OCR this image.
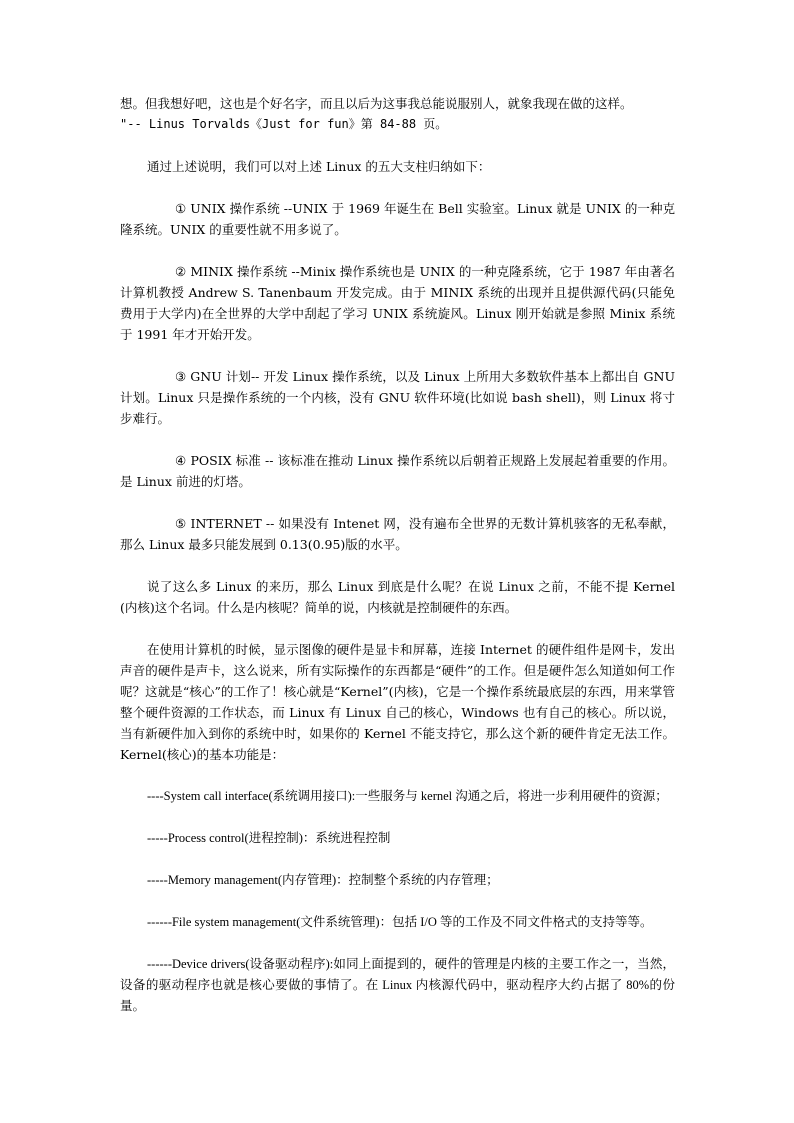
想。但我想好吧，这也是个好名字，而且以后为这事我总能说服别人，就象我现在做的这样。
"-- Linus Torvalds《Just for fun》第 84-88 页。

通过上述说明，我们可以对上述 Linux 的五大支柱归纳如下：

① UNIX 操作系统 --UNIX 于 1969 年诞生在 Bell 实验室。Linux 就是 UNIX 的一种克隆系统。UNIX 的重要性就不用多说了。

② MINIX 操作系统 --Minix 操作系统也是 UNIX 的一种克隆系统，它于 1987 年由著名计算机教授 Andrew S. Tanenbaum 开发完成。由于 MINIX 系统的出现并且提供源代码(只能免费用于大学内)在全世界的大学中刮起了学习 UNIX 系统旋风。Linux 刚开始就是参照 Minix 系统于 1991 年才开始开发。

③ GNU 计划-- 开发 Linux 操作系统，以及 Linux 上所用大多数软件基本上都出自 GNU 计划。Linux 只是操作系统的一个内核，没有 GNU 软件环境(比如说 bash shell)，则 Linux 将寸步难行。

④ POSIX 标准 -- 该标准在推动 Linux 操作系统以后朝着正规路上发展起着重要的作用。是 Linux 前进的灯塔。

⑤ INTERNET -- 如果没有 Intenet 网，没有遍布全世界的无数计算机骇客的无私奉献，那么 Linux 最多只能发展到 0.13(0.95)版的水平。

说了这么多 Linux 的来历，那么 Linux 到底是什么呢？在说 Linux 之前，不能不提 Kernel(内核)这个名词。什么是内核呢？简单的说，内核就是控制硬件的东西。

在使用计算机的时候，显示图像的硬件是显卡和屏幕，连接 Internet 的硬件组件是网卡，发出声音的硬件是声卡，这么说来，所有实际操作的东西都是“硬件”的工作。但是硬件怎么知道如何工作呢？这就是“核心”的工作了！核心就是“Kernel”(内核)，它是一个操作系统最底层的东西，用来掌管整个硬件资源的工作状态，而 Linux 有 Linux 自己的核心，Windows 也有自己的核心。所以说，当有新硬件加入到你的系统中时，如果你的 Kernel 不能支持它，那么这个新的硬件肯定无法工作。Kernel(核心)的基本功能是：

----System call interface(系统调用接口):一些服务与 kernel 沟通之后，将进一步利用硬件的资源；

-----Process control(进程控制)：系统进程控制

-----Memory management(内存管理)：控制整个系统的内存管理；

------File system management(文件系统管理)：包括 I/O 等的工作及不同文件格式的支持等等。

------Device drivers(设备驱动程序):如同上面提到的，硬件的管理是内核的主要工作之一，当然，设备的驱动程序也就是核心要做的事情了。在 Linux 内核源代码中，驱动程序大约占据了 80%的份量。
